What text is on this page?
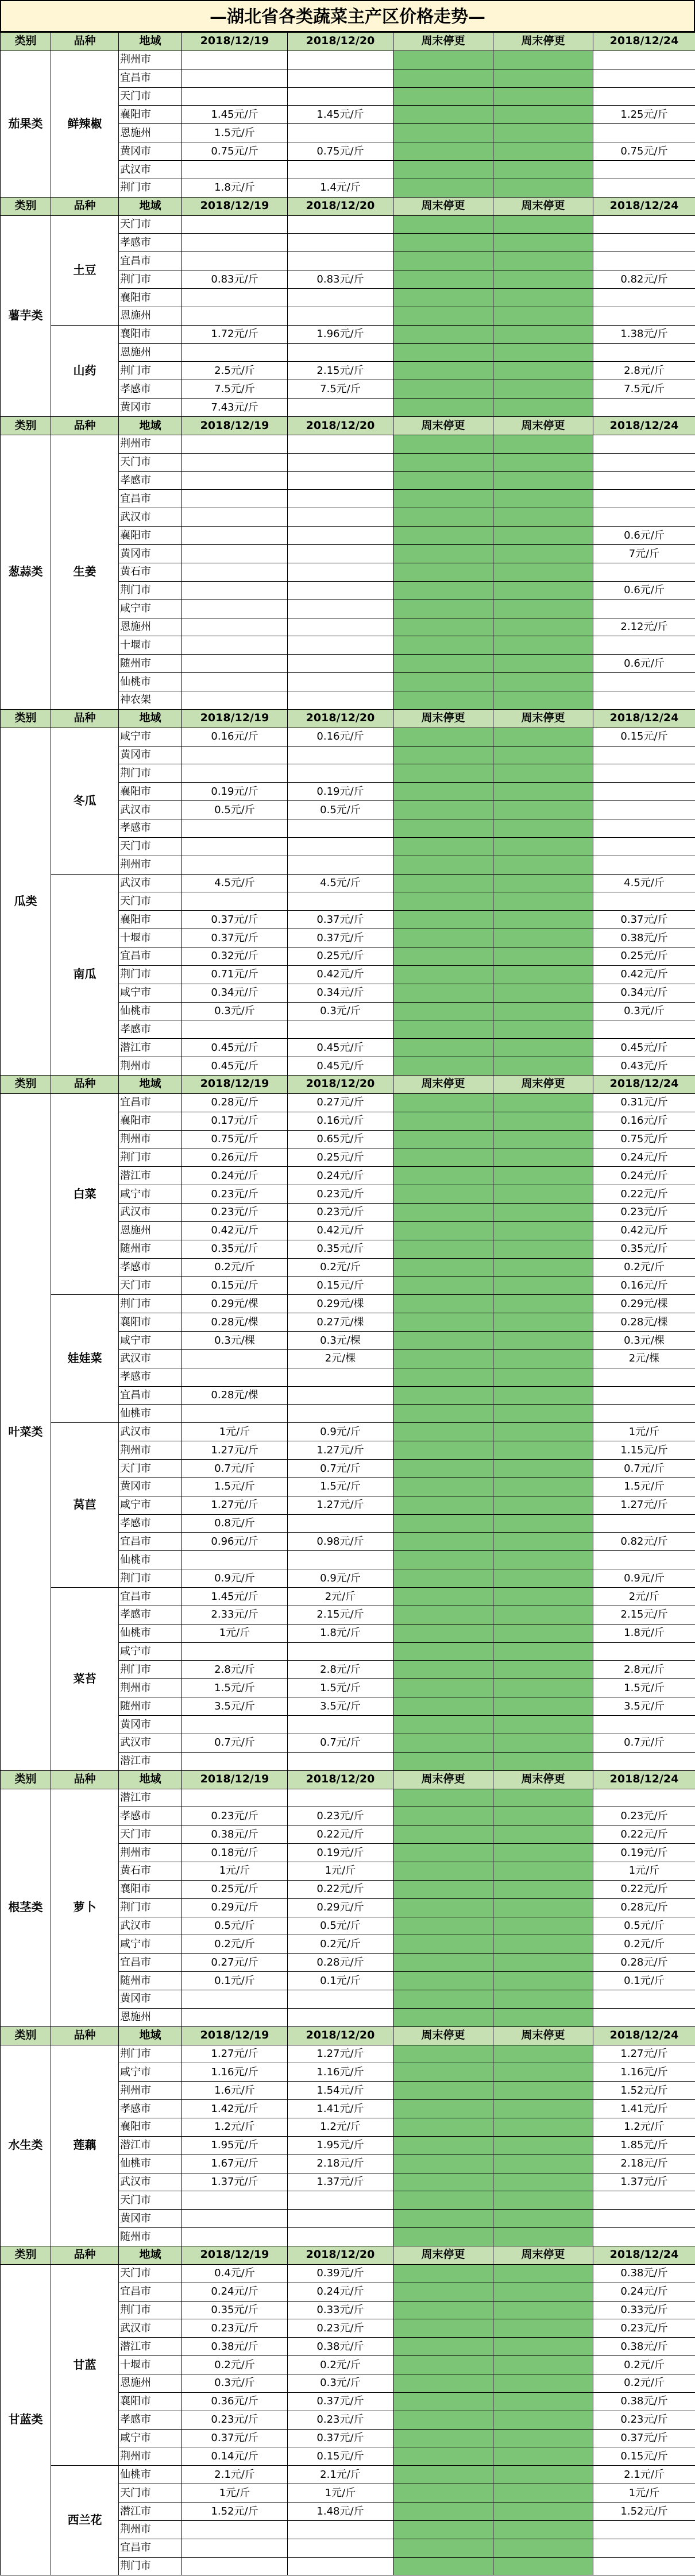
—湖北省各类蔬菜主产区价格走势—
类别	品种	地域	2018/12/19	2018/12/20	周末停更	周末停更	2018/12/24
茄果类	鲜辣椒	荆州市					
		宜昌市					
		天门市					
		襄阳市	1.45元/斤	1.45元/斤			1.25元/斤
		恩施州	1.5元/斤				
		黄冈市	0.75元/斤	0.75元/斤			0.75元/斤
		武汉市					
		荆门市	1.8元/斤	1.4元/斤			
类别	品种	地域	2018/12/19	2018/12/20	周末停更	周末停更	2018/12/24
薯芋类	土豆	天门市					
		孝感市					
		宜昌市					
		荆门市	0.83元/斤	0.83元/斤			0.82元/斤
		襄阳市					
		恩施州					
	山药	襄阳市	1.72元/斤	1.96元/斤			1.38元/斤
		恩施州					
		荆门市	2.5元/斤	2.15元/斤			2.8元/斤
		孝感市	7.5元/斤	7.5元/斤			7.5元/斤
		黄冈市	7.43元/斤				
类别	品种	地域	2018/12/19	2018/12/20	周末停更	周末停更	2018/12/24
葱蒜类	生姜	荆州市					
		天门市					
		孝感市					
		宜昌市					
		武汉市					
		襄阳市					0.6元/斤
		黄冈市					7元/斤
		黄石市					
		荆门市					0.6元/斤
		咸宁市					
		恩施州					2.12元/斤
		十堰市					
		随州市					0.6元/斤
		仙桃市					
		神农架					
类别	品种	地域	2018/12/19	2018/12/20	周末停更	周末停更	2018/12/24
瓜类	冬瓜	咸宁市	0.16元/斤	0.16元/斤			0.15元/斤
		黄冈市					
		荆门市					
		襄阳市	0.19元/斤	0.19元/斤			
		武汉市	0.5元/斤	0.5元/斤			
		孝感市					
		天门市					
		荆州市					
	南瓜	武汉市	4.5元/斤	4.5元/斤			4.5元/斤
		天门市					
		襄阳市	0.37元/斤	0.37元/斤			0.37元/斤
		十堰市	0.37元/斤	0.37元/斤			0.38元/斤
		宜昌市	0.32元/斤	0.25元/斤			0.25元/斤
		荆门市	0.71元/斤	0.42元/斤			0.42元/斤
		咸宁市	0.34元/斤	0.34元/斤			0.34元/斤
		仙桃市	0.3元/斤	0.3元/斤			0.3元/斤
		孝感市					
		潜江市	0.45元/斤	0.45元/斤			0.45元/斤
		荆州市	0.45元/斤	0.45元/斤			0.43元/斤
类别	品种	地域	2018/12/19	2018/12/20	周末停更	周末停更	2018/12/24
叶菜类	白菜	宜昌市	0.28元/斤	0.27元/斤			0.31元/斤
		襄阳市	0.17元/斤	0.16元/斤			0.16元/斤
		荆州市	0.75元/斤	0.65元/斤			0.75元/斤
		荆门市	0.26元/斤	0.25元/斤			0.24元/斤
		潜江市	0.24元/斤	0.24元/斤			0.24元/斤
		咸宁市	0.23元/斤	0.23元/斤			0.22元/斤
		武汉市	0.23元/斤	0.23元/斤			0.23元/斤
		恩施州	0.42元/斤	0.42元/斤			0.42元/斤
		随州市	0.35元/斤	0.35元/斤			0.35元/斤
		孝感市	0.2元/斤	0.2元/斤			0.2元/斤
		天门市	0.15元/斤	0.15元/斤			0.16元/斤
	娃娃菜	荆门市	0.29元/棵	0.29元/棵			0.29元/棵
		襄阳市	0.28元/棵	0.27元/棵			0.28元/棵
		咸宁市	0.3元/棵	0.3元/棵			0.3元/棵
		武汉市		2元/棵			2元/棵
		孝感市					
		宜昌市	0.28元/棵				
		仙桃市					
	莴苣	武汉市	1元/斤	0.9元/斤			1元/斤
		荆州市	1.27元/斤	1.27元/斤			1.15元/斤
		天门市	0.7元/斤	0.7元/斤			0.7元/斤
		黄冈市	1.5元/斤	1.5元/斤			1.5元/斤
		咸宁市	1.27元/斤	1.27元/斤			1.27元/斤
		孝感市	0.8元/斤				
		宜昌市	0.96元/斤	0.98元/斤			0.82元/斤
		仙桃市					
		荆门市	0.9元/斤	0.9元/斤			0.9元/斤
	菜苔	宜昌市	1.45元/斤	2元/斤			2元/斤
		孝感市	2.33元/斤	2.15元/斤			2.15元/斤
		仙桃市	1元/斤	1.8元/斤			1.8元/斤
		咸宁市					
		荆门市	2.8元/斤	2.8元/斤			2.8元/斤
		荆州市	1.5元/斤	1.5元/斤			1.5元/斤
		随州市	3.5元/斤	3.5元/斤			3.5元/斤
		黄冈市					
		武汉市	0.7元/斤	0.7元/斤			0.7元/斤
		潜江市					
类别	品种	地域	2018/12/19	2018/12/20	周末停更	周末停更	2018/12/24
根茎类	萝卜	潜江市					
		孝感市	0.23元/斤	0.23元/斤			0.23元/斤
		天门市	0.38元/斤	0.22元/斤			0.22元/斤
		荆州市	0.18元/斤	0.19元/斤			0.19元/斤
		黄石市	1元/斤	1元/斤			1元/斤
		襄阳市	0.25元/斤	0.22元/斤			0.22元/斤
		荆门市	0.29元/斤	0.29元/斤			0.28元/斤
		武汉市	0.5元/斤	0.5元/斤			0.5元/斤
		咸宁市	0.2元/斤	0.2元/斤			0.2元/斤
		宜昌市	0.27元/斤	0.28元/斤			0.28元/斤
		随州市	0.1元/斤	0.1元/斤			0.1元/斤
		黄冈市					
		恩施州					
类别	品种	地域	2018/12/19	2018/12/20	周末停更	周末停更	2018/12/24
水生类	莲藕	荆门市	1.27元/斤	1.27元/斤			1.27元/斤
		咸宁市	1.16元/斤	1.16元/斤			1.16元/斤
		荆州市	1.6元/斤	1.54元/斤			1.52元/斤
		孝感市	1.42元/斤	1.41元/斤			1.41元/斤
		襄阳市	1.2元/斤	1.2元/斤			1.2元/斤
		潜江市	1.95元/斤	1.95元/斤			1.85元/斤
		仙桃市	1.67元/斤	2.18元/斤			2.18元/斤
		武汉市	1.37元/斤	1.37元/斤			1.37元/斤
		天门市					
		黄冈市					
		随州市					
类别	品种	地域	2018/12/19	2018/12/20	周末停更	周末停更	2018/12/24
甘蓝类	甘蓝	天门市	0.4元/斤	0.39元/斤			0.38元/斤
		宜昌市	0.24元/斤	0.24元/斤			0.24元/斤
		荆门市	0.35元/斤	0.33元/斤			0.33元/斤
		武汉市	0.23元/斤	0.23元/斤			0.23元/斤
		潜江市	0.38元/斤	0.38元/斤			0.38元/斤
		十堰市	0.2元/斤	0.2元/斤			0.2元/斤
		恩施州	0.3元/斤	0.3元/斤			0.2元/斤
		襄阳市	0.36元/斤	0.37元/斤			0.38元/斤
		孝感市	0.23元/斤	0.23元/斤			0.23元/斤
		咸宁市	0.37元/斤	0.37元/斤			0.37元/斤
		荆州市	0.14元/斤	0.15元/斤			0.15元/斤
	西兰花	仙桃市	2.1元/斤	2.1元/斤			2.1元/斤
		天门市	1元/斤	1元/斤			1元/斤
		潜江市	1.52元/斤	1.48元/斤			1.52元/斤
		荆州市					
		宜昌市					
		荆门市					
